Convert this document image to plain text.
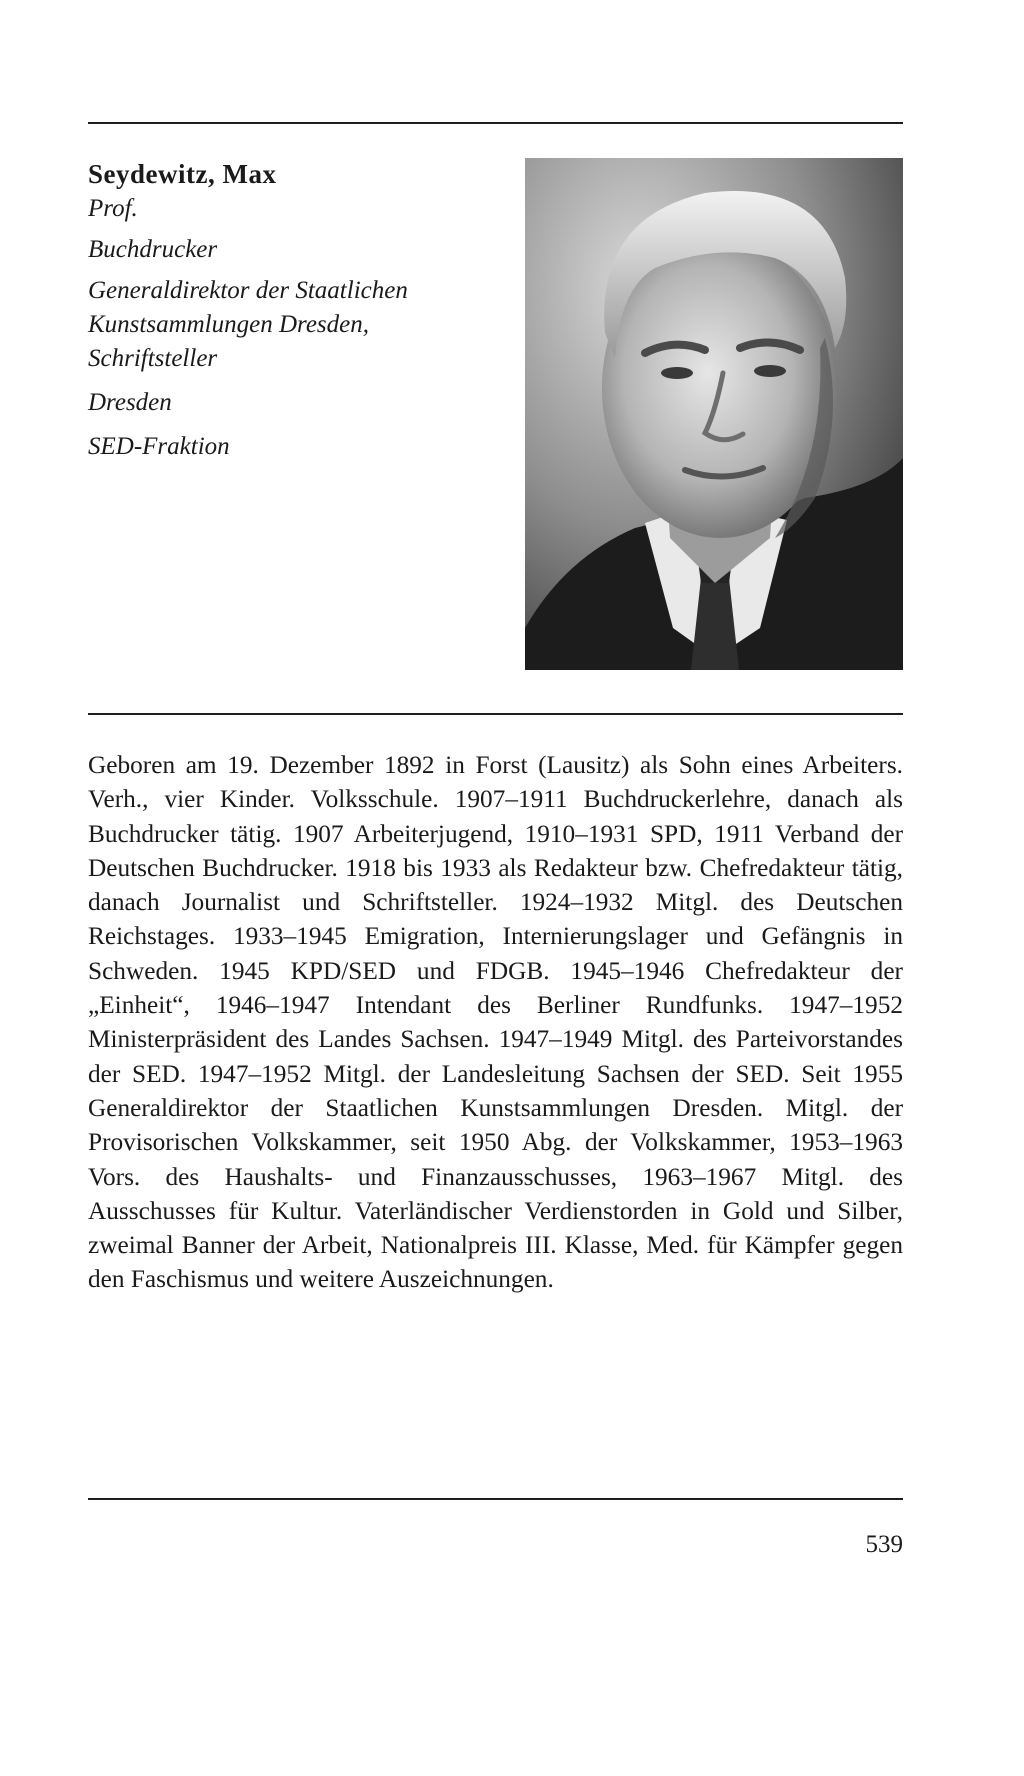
Seydewitz, Max

Prof.

Buchdrucker

Generaldirektor der Staatlichen

Kunstsammlungen Dresden,

Schriftsteller

Dresden

SED-Fraktion

Geboren am 19. Dezember 1892 in Forst (Lausitz) als Sohn eines Arbeiters. Verh., vier Kinder. Volksschule. 1907–1911 Buchdruckerlehre, danach als Buchdrucker tätig. 1907 Arbeiterjugend, 1910–1931 SPD, 1911 Verband der Deutschen Buchdrucker. 1918 bis 1933 als Redakteur bzw. Chefredakteur tätig, danach Journalist und Schriftsteller. 1924–1932 Mitgl. des Deutschen Reichstages. 1933–1945 Emigration, Internierungslager und Gefängnis in Schweden. 1945 KPD/SED und FDGB. 1945–1946 Chefredakteur der „Einheit“, 1946–1947 Intendant des Berliner Rundfunks. 1947–1952 Ministerpräsident des Landes Sachsen. 1947–1949 Mitgl. des Parteivorstandes der SED. 1947–1952 Mitgl. der Landesleitung Sachsen der SED. Seit 1955 Generaldirektor der Staatlichen Kunstsammlungen Dresden. Mitgl. der Provisorischen Volkskammer, seit 1950 Abg. der Volkskammer, 1953–1963 Vors. des Haushalts- und Finanzausschusses, 1963–1967 Mitgl. des Ausschusses für Kultur. Vaterländischer Verdienstorden in Gold und Silber, zweimal Banner der Arbeit, Nationalpreis III. Klasse, Med. für Kämpfer gegen den Faschismus und weitere Auszeichnungen.

539
